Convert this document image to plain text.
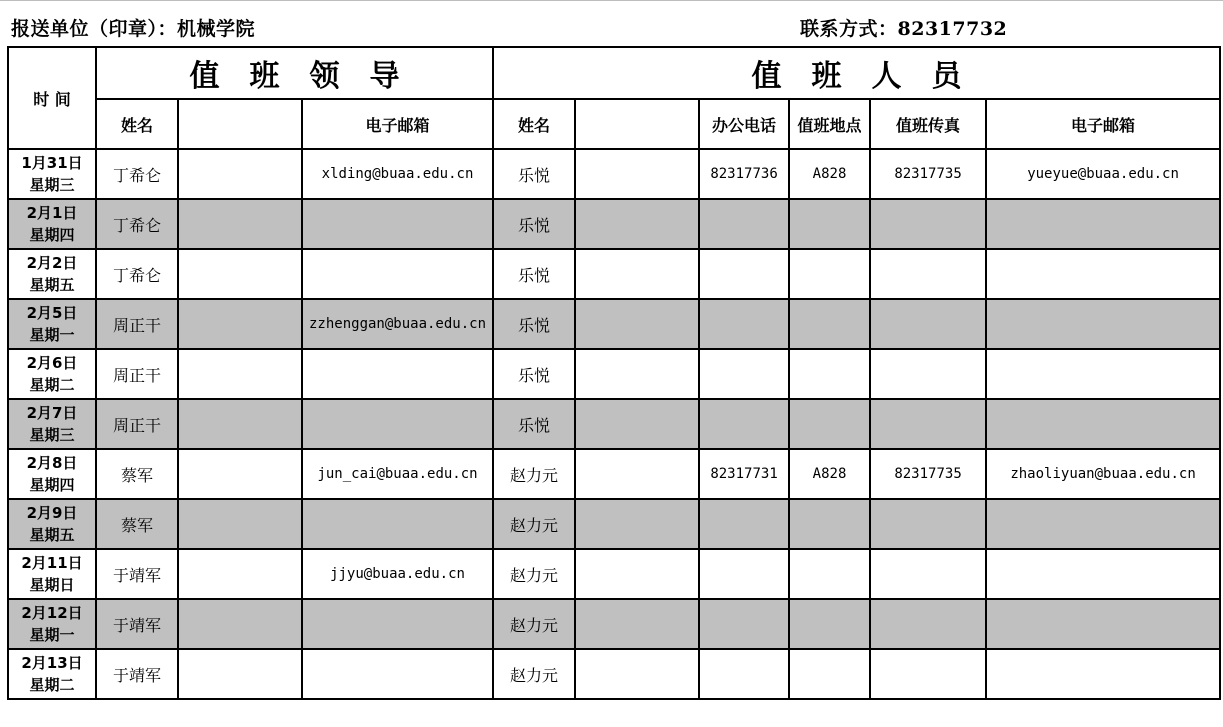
报送单位（印章）：机械学院	联系方式：82317732
时 间	值　班　领　导			值　班　人　员					
	姓名		电子邮箱	姓名		办公电话	值班地点	值班传真	电子邮箱

1月31日
星期三	丁希仑		xlding@buaa.edu.cn	乐悦		82317736	A828	82317735	yueyue@buaa.edu.cn

2月1日
星期四	丁希仑			乐悦					

2月2日
星期五	丁希仑			乐悦					

2月5日
星期一	周正干		zzhenggan@buaa.edu.cn	乐悦					

2月6日
星期二	周正干			乐悦					

2月7日
星期三	周正干			乐悦					

2月8日
星期四	蔡军		jun_cai@buaa.edu.cn	赵力元		82317731	A828	82317735	zhaoliyuan@buaa.edu.cn

2月9日
星期五	蔡军			赵力元					

2月11日
星期日	于靖军		jjyu@buaa.edu.cn	赵力元					

2月12日
星期一	于靖军			赵力元					

2月13日
星期二	于靖军			赵力元					
